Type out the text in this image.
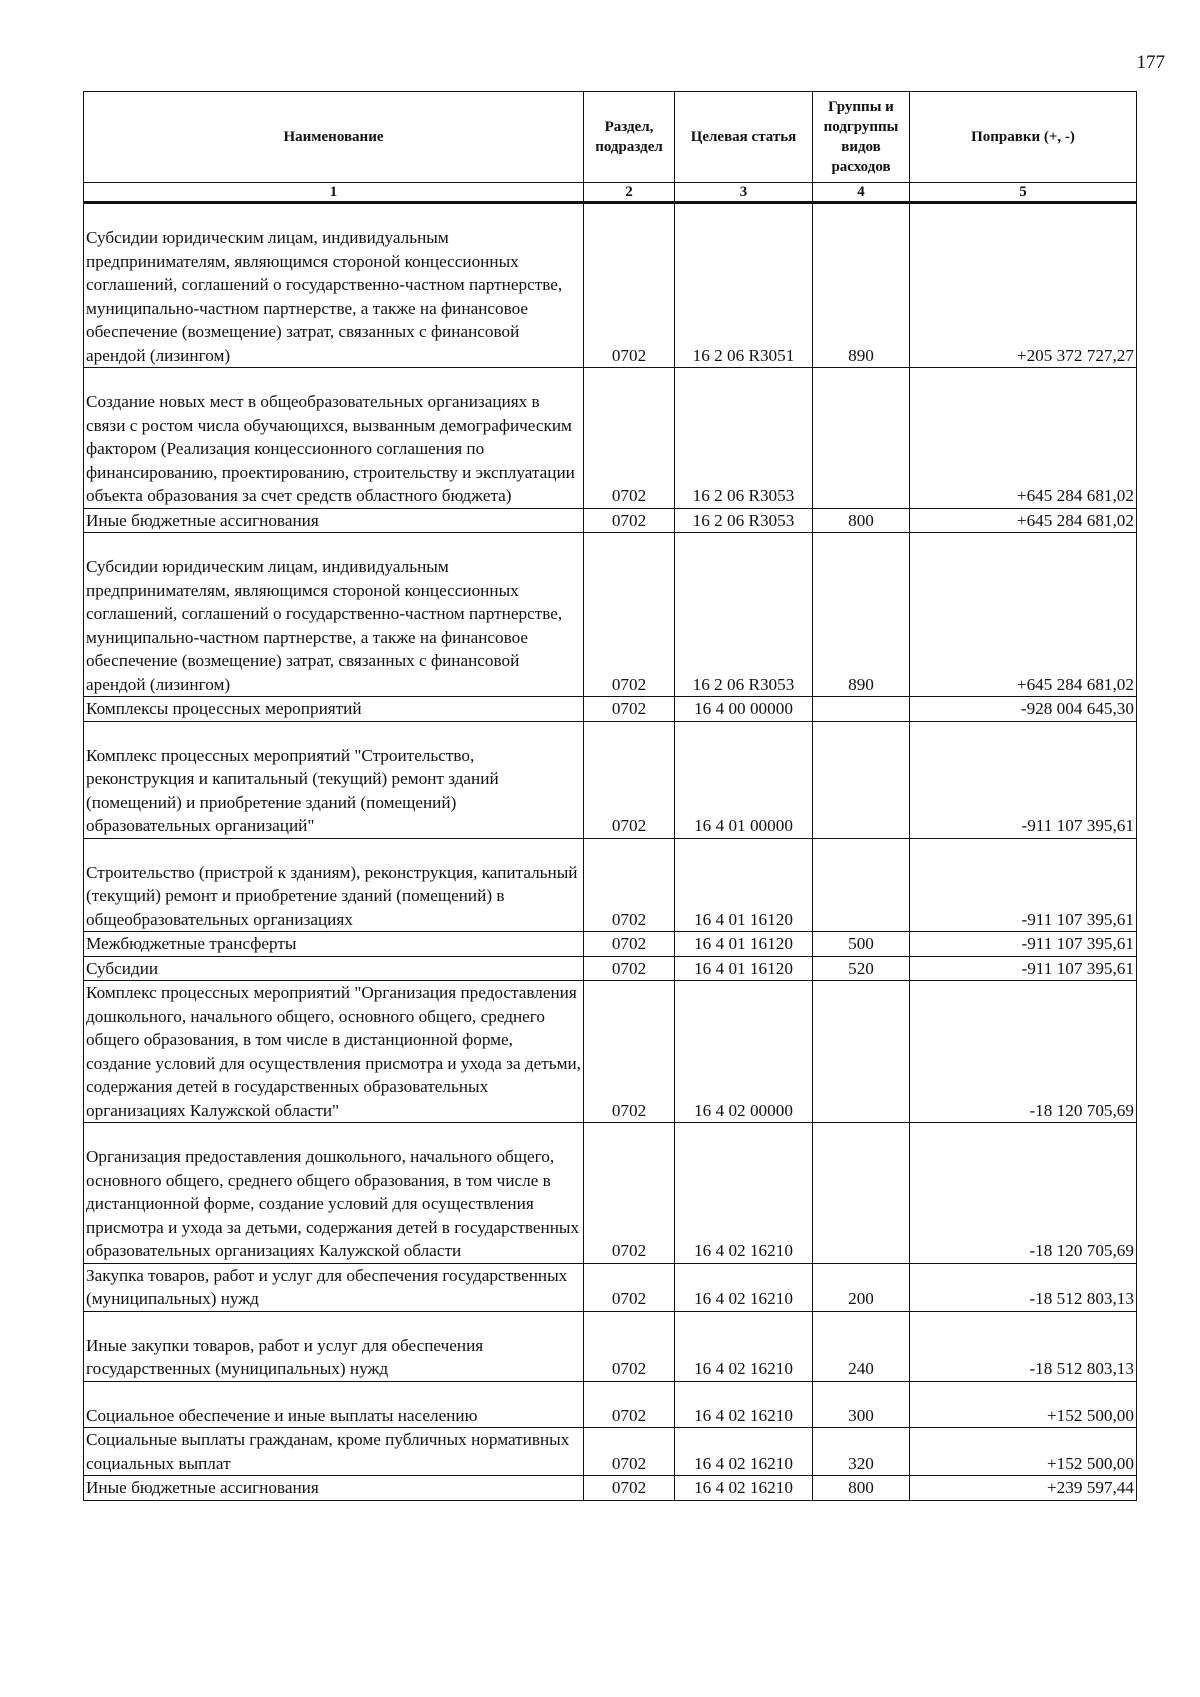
177
Наименование	Раздел, подраздел	Целевая статья	Группы и подгруппы видов расходов	Поправки (+, -)
1	2	3	4	5
Субсидии юридическим лицам, индивидуальным предпринимателям, являющимся стороной концессионных соглашений, соглашений о государственно-частном партнерстве, муниципально-частном партнерстве, а также на финансовое обеспечение (возмещение) затрат, связанных с финансовой арендой (лизингом)	0702	16 2 06 R3051	890	+205 372 727,27
Создание новых мест в общеобразовательных организациях в связи с ростом числа обучающихся, вызванным демографическим фактором (Реализация концессионного соглашения по финансированию, проектированию, строительству и эксплуатации объекта образования за счет средств областного бюджета)	0702	16 2 06 R3053		+645 284 681,02
Иные бюджетные ассигнования	0702	16 2 06 R3053	800	+645 284 681,02
Субсидии юридическим лицам, индивидуальным предпринимателям, являющимся стороной концессионных соглашений, соглашений о государственно-частном партнерстве, муниципально-частном партнерстве, а также на финансовое обеспечение (возмещение) затрат, связанных с финансовой арендой (лизингом)	0702	16 2 06 R3053	890	+645 284 681,02
Комплексы процессных мероприятий	0702	16 4 00 00000		-928 004 645,30
Комплекс процессных мероприятий "Строительство, реконструкция и капитальный (текущий) ремонт зданий (помещений) и приобретение зданий (помещений) образовательных организаций"	0702	16 4 01 00000		-911 107 395,61
Строительство (пристрой к зданиям), реконструкция, капитальный (текущий) ремонт и приобретение зданий (помещений) в общеобразовательных организациях	0702	16 4 01 16120		-911 107 395,61
Межбюджетные трансферты	0702	16 4 01 16120	500	-911 107 395,61
Субсидии	0702	16 4 01 16120	520	-911 107 395,61
Комплекс процессных мероприятий "Организация предоставления дошкольного, начального общего, основного общего, среднего общего образования, в том числе в дистанционной форме, создание условий для осуществления присмотра и ухода за детьми, содержания детей в государственных образовательных организациях Калужской области"	0702	16 4 02 00000		-18 120 705,69
Организация предоставления дошкольного, начального общего, основного общего, среднего общего образования, в том числе в дистанционной форме, создание условий для осуществления присмотра и ухода за детьми, содержания детей в государственных образовательных организациях Калужской области	0702	16 4 02 16210		-18 120 705,69
Закупка товаров, работ и услуг для обеспечения государственных (муниципальных) нужд	0702	16 4 02 16210	200	-18 512 803,13
Иные закупки товаров, работ и услуг для обеспечения государственных (муниципальных) нужд	0702	16 4 02 16210	240	-18 512 803,13
Социальное обеспечение и иные выплаты населению	0702	16 4 02 16210	300	+152 500,00
Социальные выплаты гражданам, кроме публичных нормативных социальных выплат	0702	16 4 02 16210	320	+152 500,00
Иные бюджетные ассигнования	0702	16 4 02 16210	800	+239 597,44
